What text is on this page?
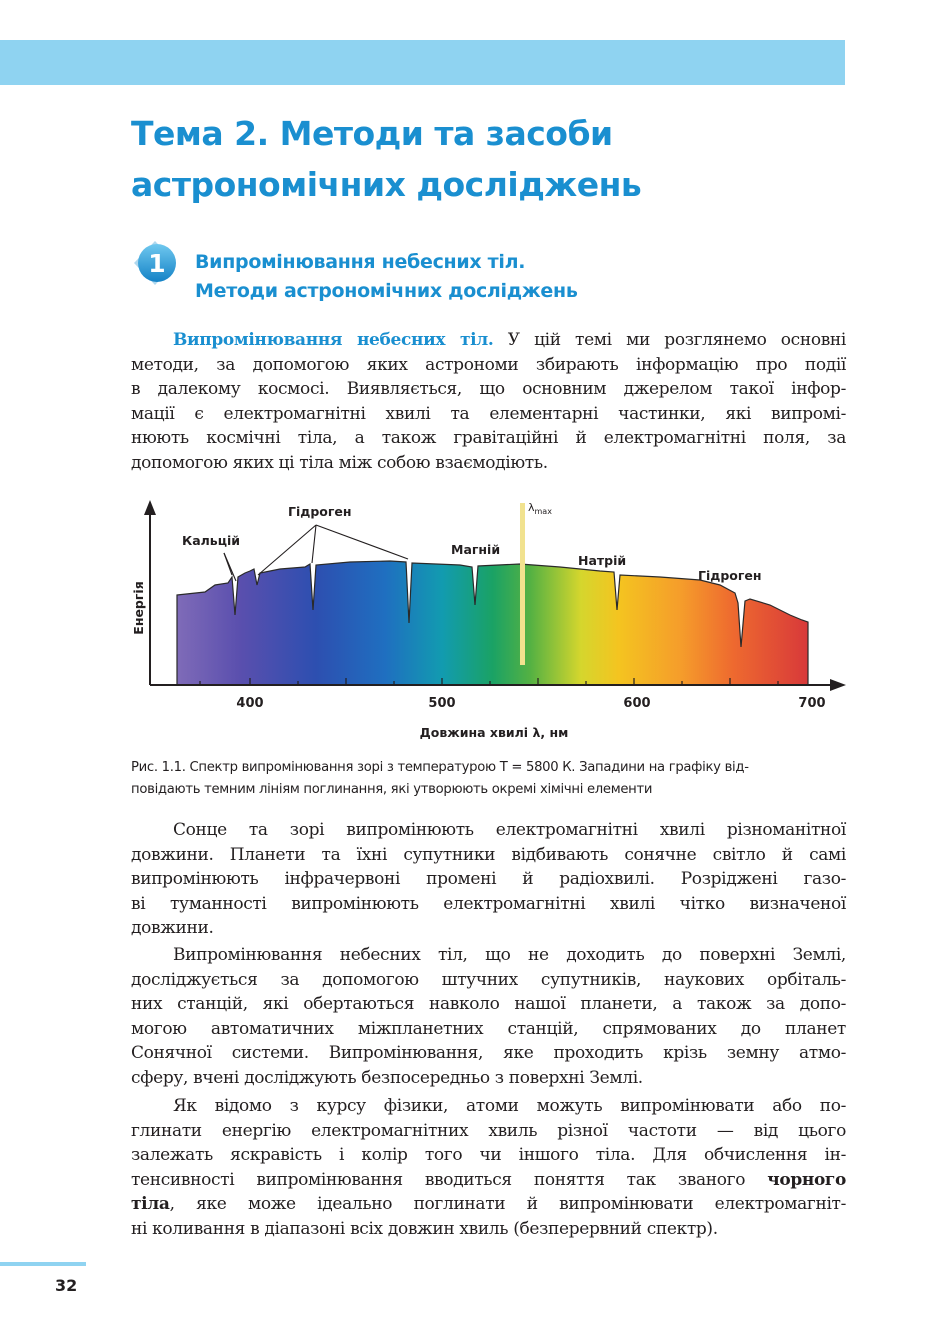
Тема 2. Методи та засоби
астрономічних досліджень
1 Випромінювання небесних тіл.
Методи астрономічних досліджень
Випромінювання небесних тіл. У цій темі ми розглянемо основні
методи, за допомогою яких астрономи збирають інформацію про події
в далекому космосі. Виявляється, що основним джерелом такої інфор-
мації є електромагнітні хвилі та елементарні частинки, які випромі-
нюють космічні тіла, а також гравітаційні й електромагнітні поля, за
допомогою яких ці тіла між собою взаємодіють.
$\lambda_{max}$
400	500	600	700
Довжина хвилі λ, нм
Енергія
Кальцій
Гідроген
Магній
Натрій
Гідроген
Рис. 1.1. Спектр випромінювання зорі з температурою T = 5800 К. Западини на графіку від-
повідають темним лініям поглинання, які утворюють окремі хімічні елементи
Сонце та зорі випромінюють електромагнітні хвилі різноманітної
довжини. Планети та їхні супутники відбивають сонячне світло й самі
випромінюють інфрачервоні промені й радіохвилі. Розріджені газо-
ві туманності випромінюють електромагнітні хвилі чітко визначеної
довжини.
Випромінювання небесних тіл, що не доходить до поверхні Землі,
досліджується за допомогою штучних супутників, наукових орбіталь-
них станцій, які обертаються навколо нашої планети, а також за допо-
могою автоматичних міжпланетних станцій, спрямованих до планет
Сонячної системи. Випромінювання, яке проходить крізь земну атмо-
сферу, вчені досліджують безпосередньо з поверхні Землі.
Як відомо з курсу фізики, атоми можуть випромінювати або по-
глинати енергію електромагнітних хвиль різної частоти — від цього
залежать яскравість і колір того чи іншого тіла. Для обчислення ін-
тенсивності випромінювання вводиться поняття так званого чорного
тіла, яке може ідеально поглинати й випромінювати електромагніт-
ні коливання в діапазоні всіх довжин хвиль (безперервний спектр).
32
